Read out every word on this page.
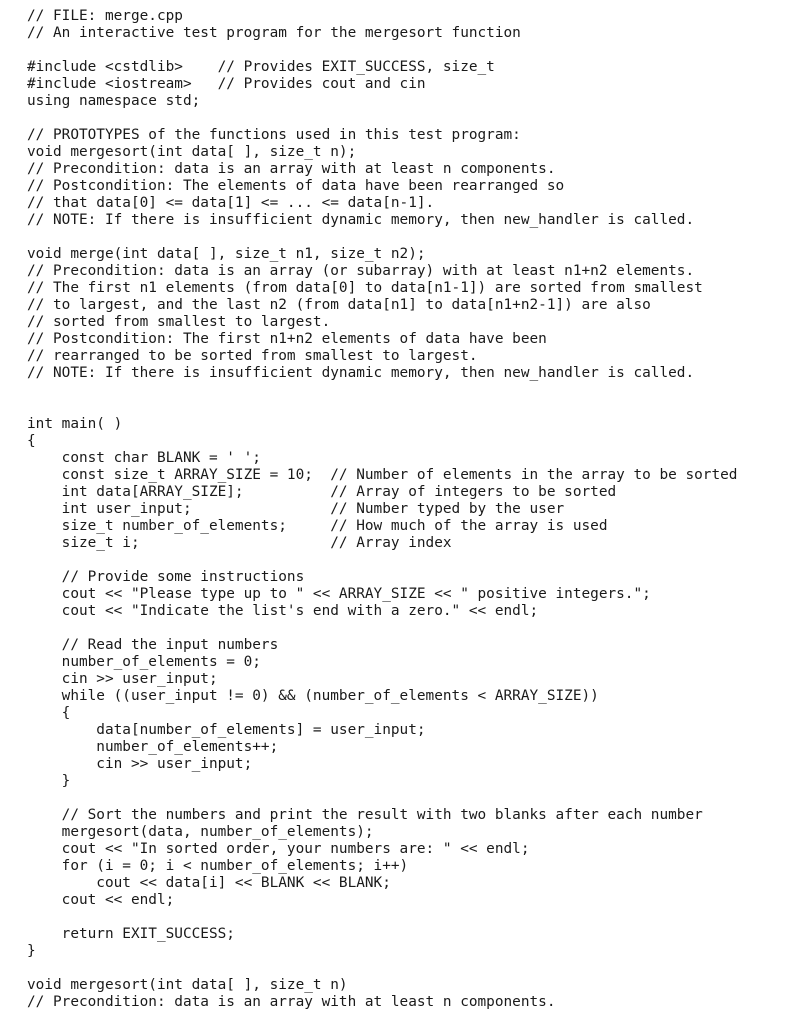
// FILE: merge.cpp
// An interactive test program for the mergesort function

#include <cstdlib>    // Provides EXIT_SUCCESS, size_t
#include <iostream>   // Provides cout and cin
using namespace std;

// PROTOTYPES of the functions used in this test program:
void mergesort(int data[ ], size_t n);
// Precondition: data is an array with at least n components.
// Postcondition: The elements of data have been rearranged so
// that data[0] <= data[1] <= ... <= data[n-1].
// NOTE: If there is insufficient dynamic memory, then new_handler is called.

void merge(int data[ ], size_t n1, size_t n2);
// Precondition: data is an array (or subarray) with at least n1+n2 elements.
// The first n1 elements (from data[0] to data[n1-1]) are sorted from smallest
// to largest, and the last n2 (from data[n1] to data[n1+n2-1]) are also
// sorted from smallest to largest.
// Postcondition: The first n1+n2 elements of data have been
// rearranged to be sorted from smallest to largest.
// NOTE: If there is insufficient dynamic memory, then new_handler is called.

int main( )
{
const char BLANK = ' ';
const size_t ARRAY_SIZE = 10;  // Number of elements in the array to be sorted
int data[ARRAY_SIZE];          // Array of integers to be sorted
int user_input;                // Number typed by the user
size_t number_of_elements;     // How much of the array is used
size_t i;                      // Array index

// Provide some instructions
cout << "Please type up to " << ARRAY_SIZE << " positive integers.";
cout << "Indicate the list's end with a zero." << endl;

// Read the input numbers
number_of_elements = 0;
cin >> user_input;
while ((user_input != 0) && (number_of_elements < ARRAY_SIZE))
{
data[number_of_elements] = user_input;
number_of_elements++;
cin >> user_input;
}

// Sort the numbers and print the result with two blanks after each number
mergesort(data, number_of_elements);
cout << "In sorted order, your numbers are: " << endl;
for (i = 0; i < number_of_elements; i++)
cout << data[i] << BLANK << BLANK;
cout << endl;

return EXIT_SUCCESS;
}

void mergesort(int data[ ], size_t n)
// Precondition: data is an array with at least n components.
